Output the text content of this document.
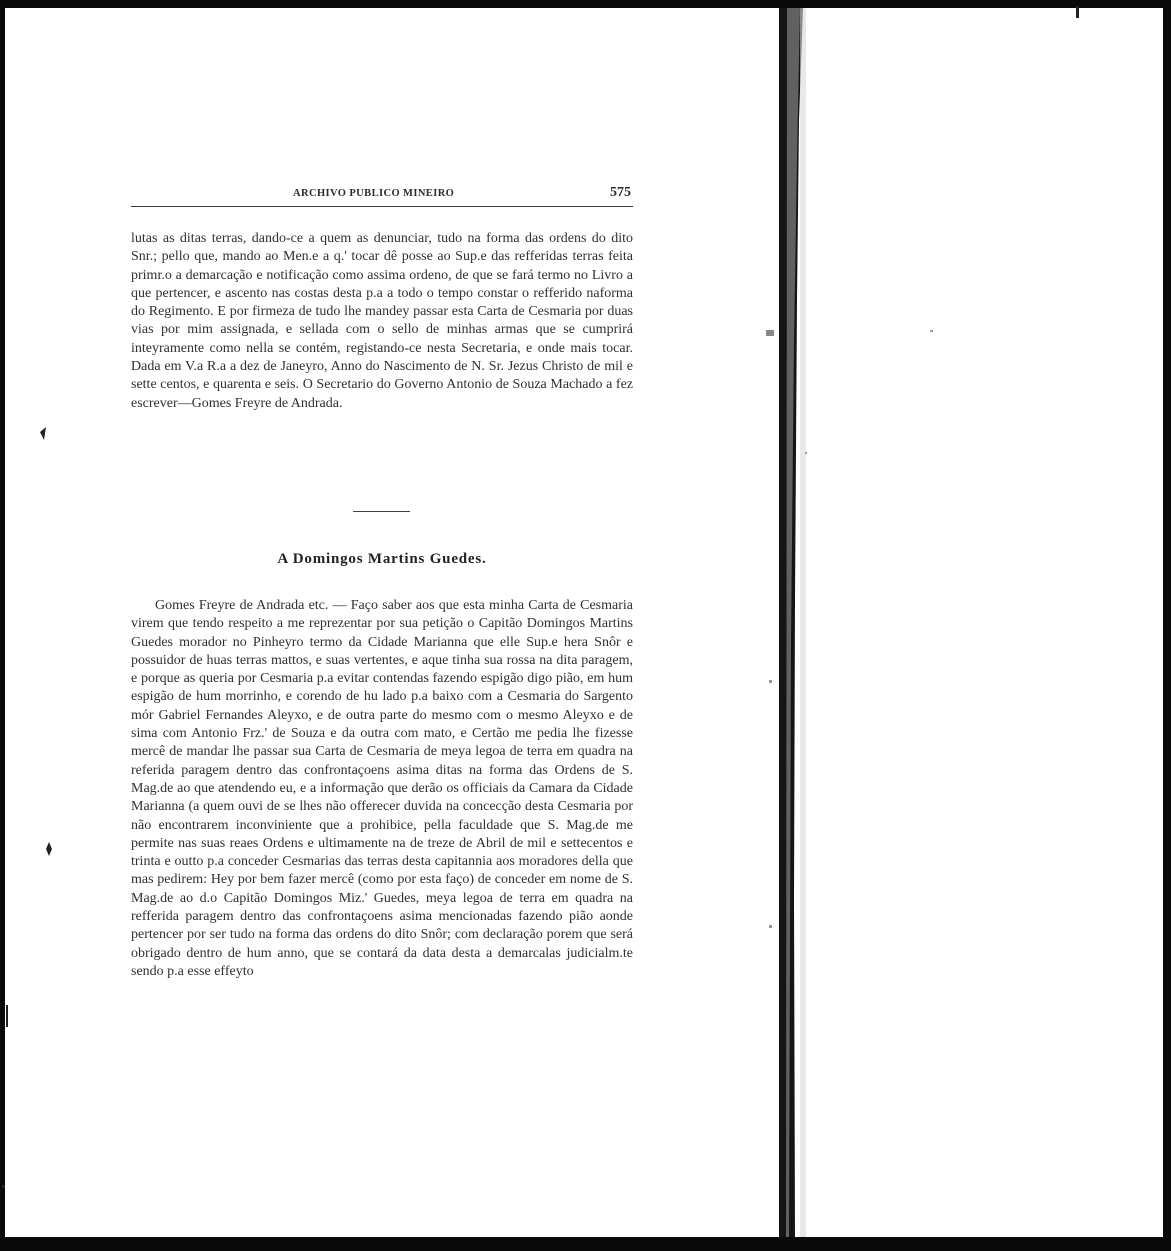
ARCHIVO PUBLICO MINEIRO	575

lutas as ditas terras, dando-ce a quem as denunciar, tudo na forma das ordens do dito Snr.; pello que, mando ao Men.e a q.' tocar dê posse ao Sup.e das refferidas terras feita primr.o a demarcação e notificação como assima ordeno, de que se fará termo no Livro a que pertencer, e ascento nas costas desta p.a a todo o tempo constar o refferido naforma do Regimento. E por firmeza de tudo lhe mandey passar esta Carta de Cesmaria por duas vias por mim assignada, e sellada com o sello de minhas armas que se cumprirá inteyramente como nella se contém, registando-ce nesta Secretaria, e onde mais tocar. Dada em V.a R.a a dez de Janeyro, Anno do Nascimento de N. Sr. Jezus Christo de mil e sette centos, e quarenta e seis. O Secretario do Governo Antonio de Souza Machado a fez escrever—Gomes Freyre de Andrada.

A Domingos Martins Guedes.

Gomes Freyre de Andrada etc. — Faço saber aos que esta minha Carta de Cesmaria virem que tendo respeito a me reprezentar por sua petição o Capitão Domingos Martins Guedes morador no Pinheyro termo da Cidade Marianna que elle Sup.e hera Snôr e possuidor de huas terras mattos, e suas vertentes, e aque tinha sua rossa na dita paragem, e porque as queria por Cesmaria p.a evitar contendas fazendo espigão digo pião, em hum espigão de hum morrinho, e corendo de hu lado p.a baixo com a Cesmaria do Sargento mór Gabriel Fernandes Aleyxo, e de outra parte do mesmo com o mesmo Aleyxo e de sima com Antonio Frz.' de Souza e da outra com mato, e Certão me pedia lhe fizesse mercê de mandar lhe passar sua Carta de Cesmaria de meya legoa de terra em quadra na referida paragem dentro das confrontaçoens asima ditas na forma das Ordens de S. Mag.de ao que atendendo eu, e a informação que derão os officiais da Camara da Cidade Marianna (a quem ouvi de se lhes não offerecer duvida na concecção desta Cesmaria por não encontrarem inconviniente que a prohibice, pella faculdade que S. Mag.de me permite nas suas reaes Ordens e ultimamente na de treze de Abril de mil e settecentos e trinta e outto p.a conceder Cesmarias das terras desta capitannia aos moradores della que mas pedirem: Hey por bem fazer mercê (como por esta faço) de conceder em nome de S. Mag.de ao d.o Capitão Domingos Miz.' Guedes, meya legoa de terra em quadra na refferida paragem dentro das confrontaçoens asima mencionadas fazendo pião aonde pertencer por ser tudo na forma das ordens do dito Snôr; com declaração porem que será obrigado dentro de hum anno, que se contará da data desta a demarcalas judicialm.te sendo p.a esse effeyto
